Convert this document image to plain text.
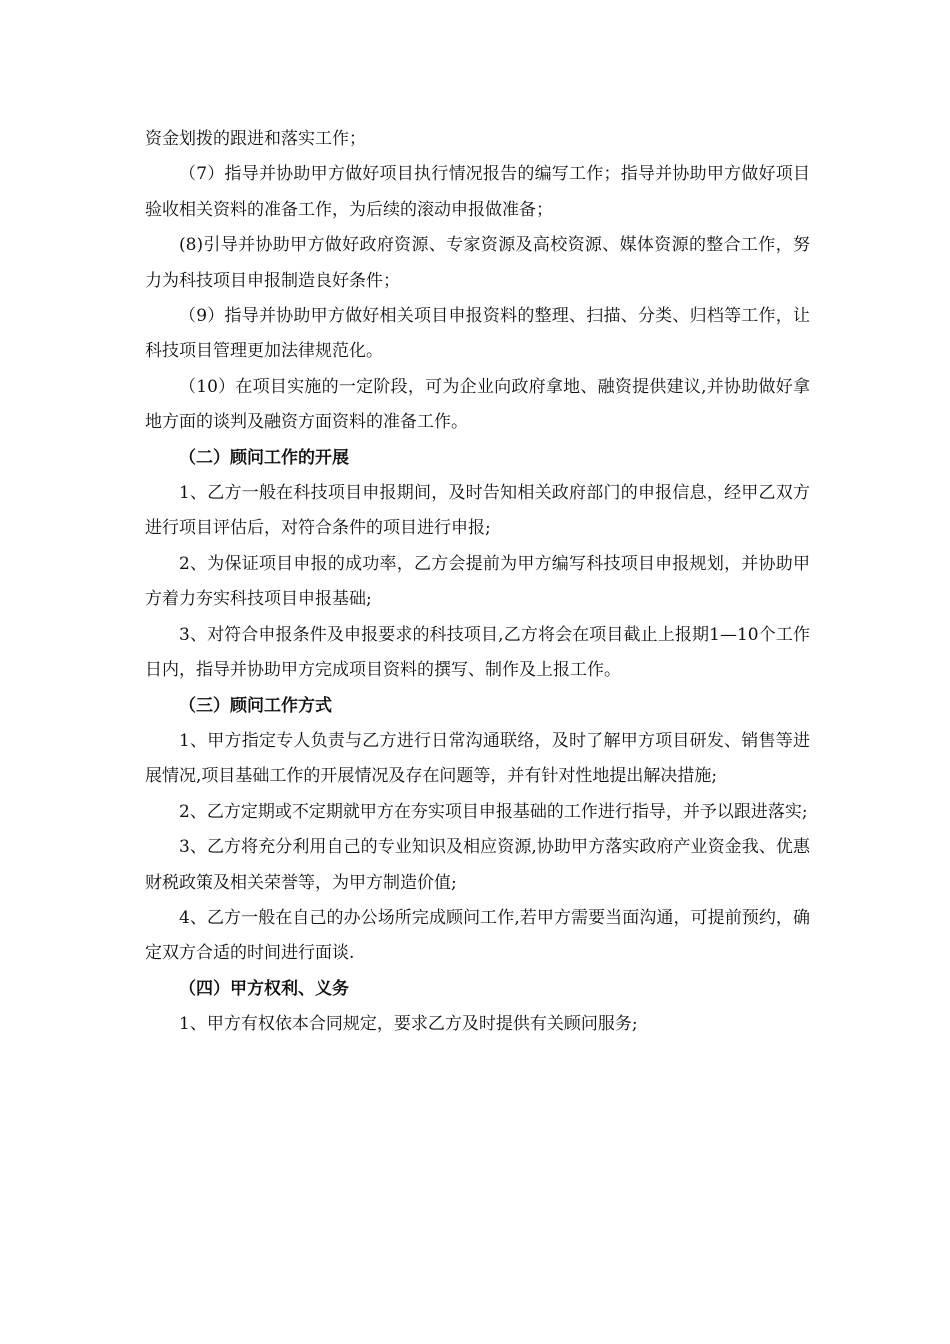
资金划拨的跟进和落实工作；

（7）指导并协助甲方做好项目执行情况报告的编写工作；指导并协助甲方做好项目验收相关资料的准备工作，为后续的滚动申报做准备；

(8)引导并协助甲方做好政府资源、专家资源及高校资源、媒体资源的整合工作，努力为科技项目申报制造良好条件；

（9）指导并协助甲方做好相关项目申报资料的整理、扫描、分类、归档等工作，让科技项目管理更加法律规范化。

（10）在项目实施的一定阶段，可为企业向政府拿地、融资提供建议,并协助做好拿地方面的谈判及融资方面资料的准备工作。

（二）顾问工作的开展

1、乙方一般在科技项目申报期间，及时告知相关政府部门的申报信息，经甲乙双方进行项目评估后，对符合条件的项目进行申报;

2、为保证项目申报的成功率，乙方会提前为甲方编写科技项目申报规划，并协助甲方着力夯实科技项目申报基础;

3、对符合申报条件及申报要求的科技项目,乙方将会在项目截止上报期1—10个工作日内，指导并协助甲方完成项目资料的撰写、制作及上报工作。

（三）顾问工作方式

1、甲方指定专人负责与乙方进行日常沟通联络，及时了解甲方项目研发、销售等进展情况,项目基础工作的开展情况及存在问题等，并有针对性地提出解决措施;

2、乙方定期或不定期就甲方在夯实项目申报基础的工作进行指导，并予以跟进落实;

3、乙方将充分利用自己的专业知识及相应资源,协助甲方落实政府产业资金我、优惠财税政策及相关荣誉等，为甲方制造价值;

4、乙方一般在自己的办公场所完成顾问工作,若甲方需要当面沟通，可提前预约，确定双方合适的时间进行面谈.

（四）甲方权利、义务

1、甲方有权依本合同规定，要求乙方及时提供有关顾问服务;
